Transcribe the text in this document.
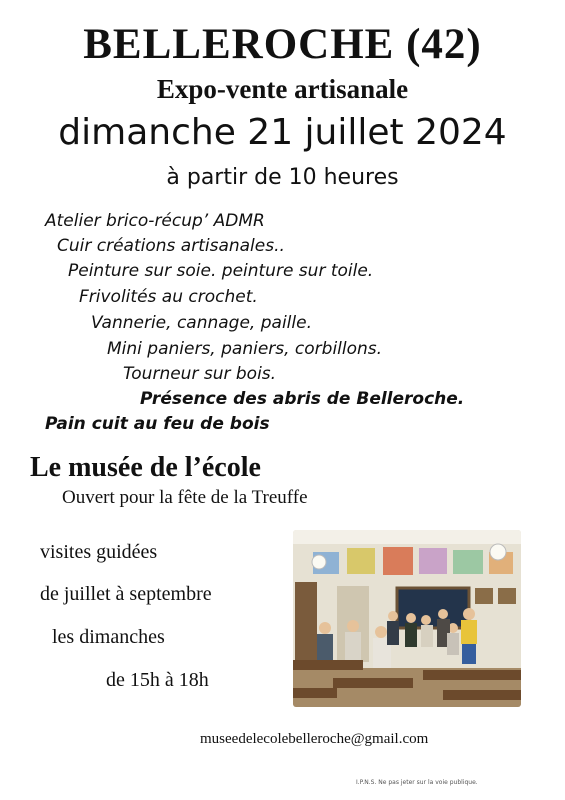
BELLEROCHE (42)
Expo-vente artisanale
dimanche 21 juillet 2024
à partir de 10 heures
Atelier brico-récup’ ADMR
Cuir créations artisanales..
Peinture sur soie. peinture sur toile.
Frivolités au crochet.
Vannerie, cannage, paille.
Mini paniers, paniers, corbillons.
Tourneur sur bois.
Présence des abris de Belleroche.
Pain cuit au feu de bois
Le musée de l’école
Ouvert pour la fête de la Treuffe
visites guidées
de juillet à septembre
les dimanches
de 15h à 18h
museedelecolebelleroche@gmail.com
I.P.N.S. Ne pas jeter sur la voie publique.
